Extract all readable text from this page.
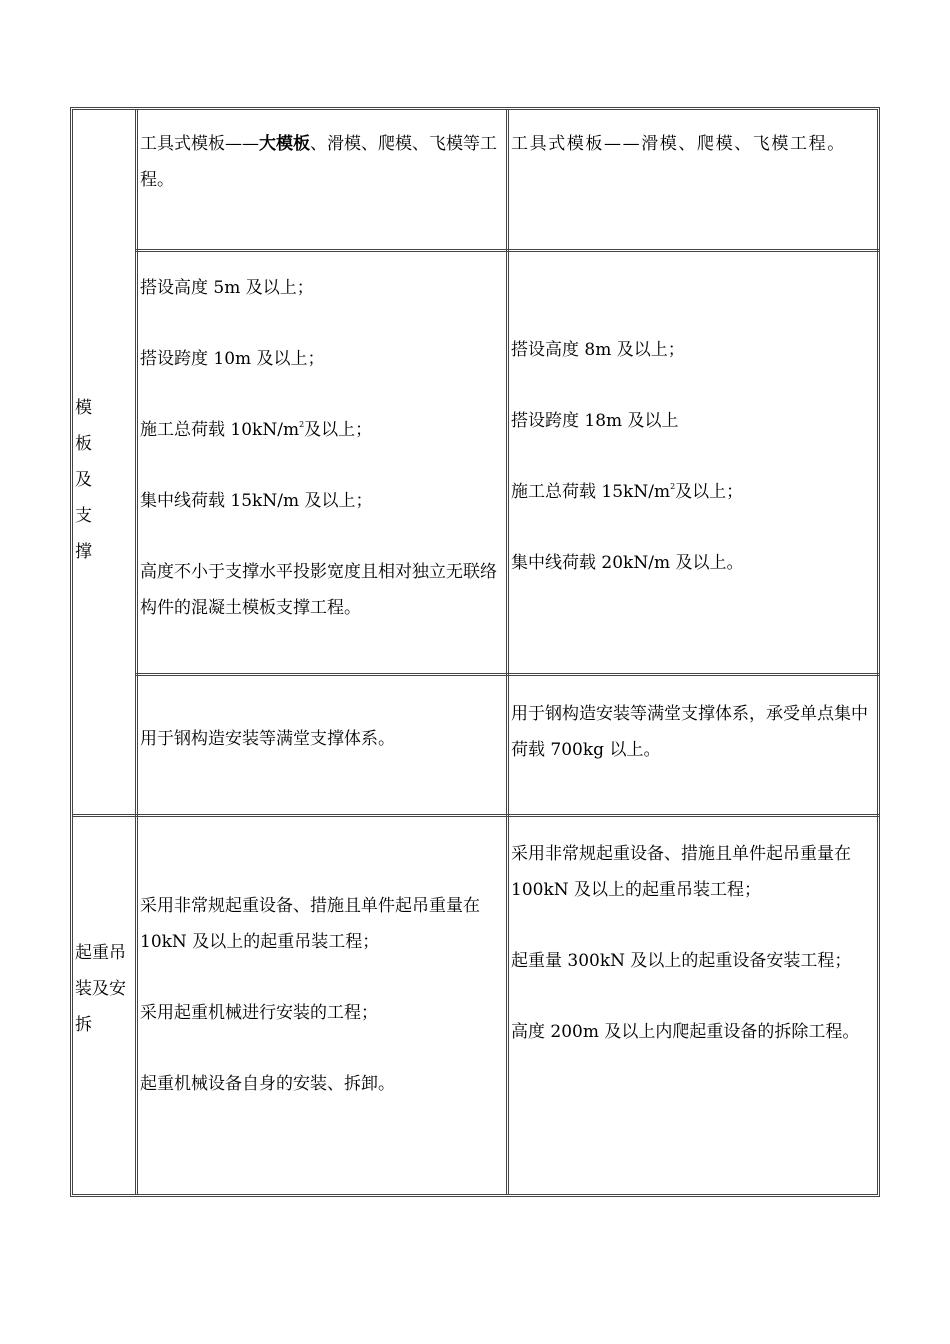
模板及支撑
工具式模板——大模板、滑模、爬模、飞模等工程。
工具式模板——滑模、爬模、飞模工程。

搭设高度 5m 及以上；

搭设跨度 10m 及以上；

施工总荷载 $10kN/m^2$及以上；

集中线荷载 15kN/m 及以上；

高度不小于支撑水平投影宽度且相对独立无联络构件的混凝土模板支撑工程。

搭设高度 8m 及以上；

搭设跨度 18m 及以上

施工总荷载 $15kN/m^2$及以上；

集中线荷载 20kN/m 及以上。

用于钢构造安装等满堂支撑体系。
用于钢构造安装等满堂支撑体系，承受单点集中荷载 700kg 以上。
起重吊装及安拆

采用非常规起重设备、措施且单件起吊重量在 10kN 及以上的起重吊装工程；

采用起重机械进行安装的工程；

起重机械设备自身的安装、拆卸。

采用非常规起重设备、措施且单件起吊重量在 100kN 及以上的起重吊装工程；

起重量 300kN 及以上的起重设备安装工程；

高度 200m 及以上内爬起重设备的拆除工程。
